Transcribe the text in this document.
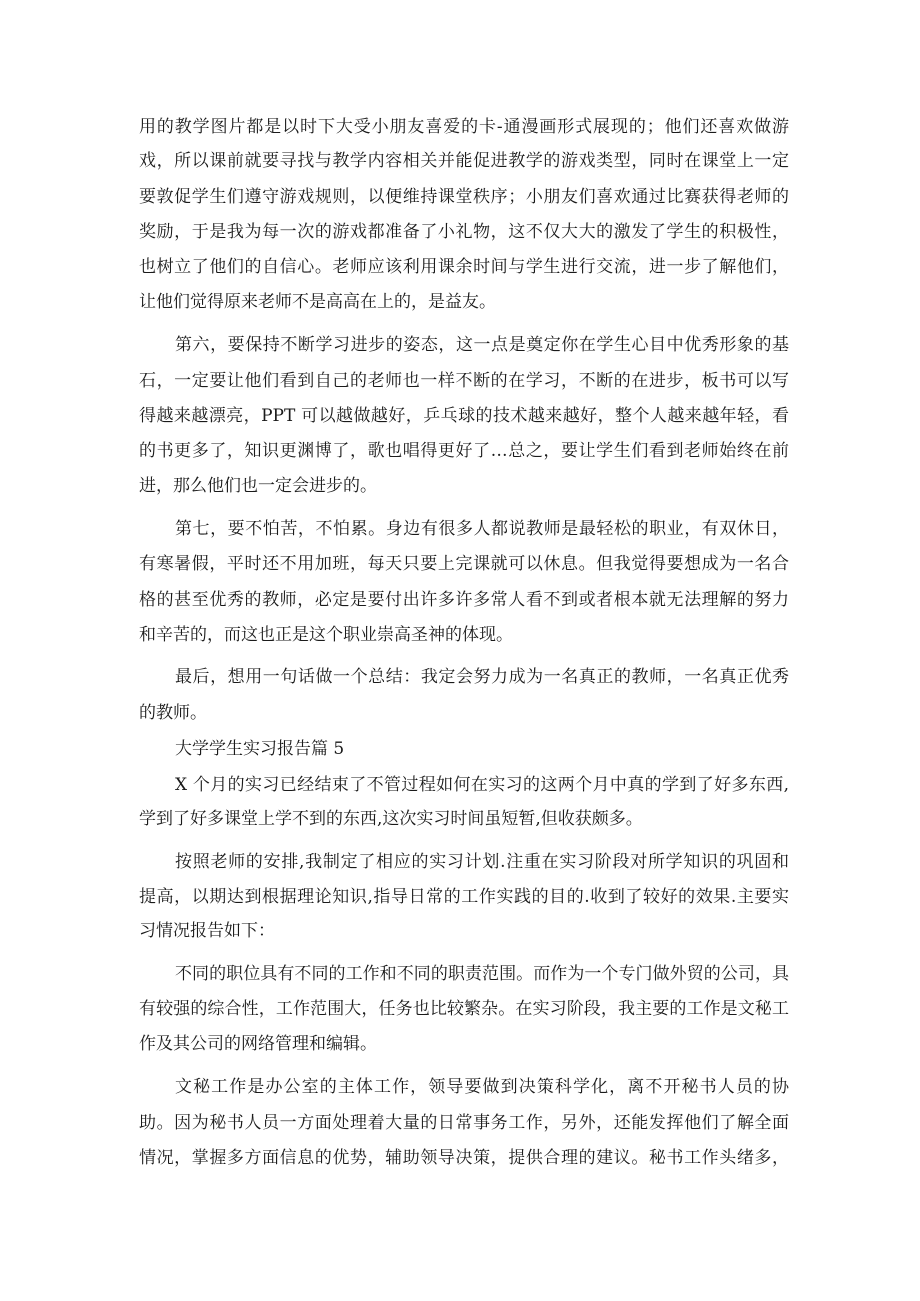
用的教学图片都是以时下大受小朋友喜爱的卡-通漫画形式展现的；他们还喜欢做游

戏，所以课前就要寻找与教学内容相关并能促进教学的游戏类型，同时在课堂上一定

要敦促学生们遵守游戏规则，以便维持课堂秩序；小朋友们喜欢通过比赛获得老师的

奖励，于是我为每一次的游戏都准备了小礼物，这不仅大大的激发了学生的积极性，

也树立了他们的自信心。老师应该利用课余时间与学生进行交流，进一步了解他们，

让他们觉得原来老师不是高高在上的，是益友。

第六，要保持不断学习进步的姿态，这一点是奠定你在学生心目中优秀形象的基

石，一定要让他们看到自己的老师也一样不断的在学习，不断的在进步，板书可以写

得越来越漂亮，PPT 可以越做越好，乒乓球的技术越来越好，整个人越来越年轻，看

的书更多了，知识更渊博了，歌也唱得更好了…总之，要让学生们看到老师始终在前

进，那么他们也一定会进步的。

第七，要不怕苦，不怕累。身边有很多人都说教师是最轻松的职业，有双休日，

有寒暑假，平时还不用加班，每天只要上完课就可以休息。但我觉得要想成为一名合

格的甚至优秀的教师，必定是要付出许多许多常人看不到或者根本就无法理解的努力

和辛苦的，而这也正是这个职业崇高圣神的体现。

最后，想用一句话做一个总结：我定会努力成为一名真正的教师，一名真正优秀

的教师。

大学学生实习报告篇 5

X 个月的实习已经结束了不管过程如何在实习的这两个月中真的学到了好多东西,

学到了好多课堂上学不到的东西,这次实习时间虽短暂,但收获颇多。

按照老师的安排,我制定了相应的实习计划.注重在实习阶段对所学知识的巩固和

提高，以期达到根据理论知识,指导日常的工作实践的目的.收到了较好的效果.主要实

习情况报告如下：

不同的职位具有不同的工作和不同的职责范围。而作为一个专门做外贸的公司，具

有较强的综合性，工作范围大，任务也比较繁杂。在实习阶段，我主要的工作是文秘工

作及其公司的网络管理和编辑。

文秘工作是办公室的主体工作，领导要做到决策科学化，离不开秘书人员的协

助。因为秘书人员一方面处理着大量的日常事务工作，另外，还能发挥他们了解全面

情况，掌握多方面信息的优势，辅助领导决策，提供合理的建议。秘书工作头绪多，
